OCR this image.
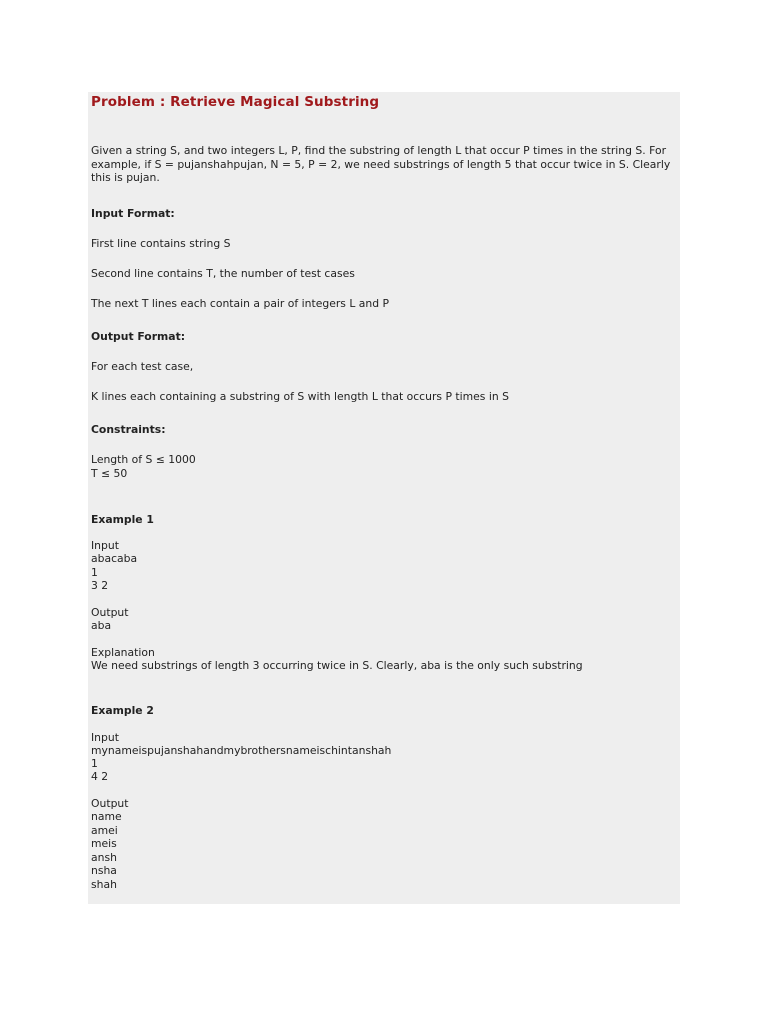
Problem : Retrieve Magical Substring

Given a string S, and two integers L, P, find the substring of length L that occur P times in the string S. For example, if S = pujanshahpujan, N = 5, P = 2, we need substrings of length 5 that occur twice in S. Clearly this is pujan.

Input Format:

First line contains string S

Second line contains T, the number of test cases

The next T lines each contain a pair of integers L and P

Output Format:

For each test case,

K lines each containing a substring of S with length L that occurs P times in S

Constraints:

Length of S ≤ 1000

T ≤ 50

Example 1

Input

abacaba

1

3 2

Output

aba

Explanation

We need substrings of length 3 occurring twice in S. Clearly, aba is the only such substring

Example 2

Input

mynameispujanshahandmybrothersnameischintanshah

1

4 2

Output

name

amei

meis

ansh

nsha

shah
